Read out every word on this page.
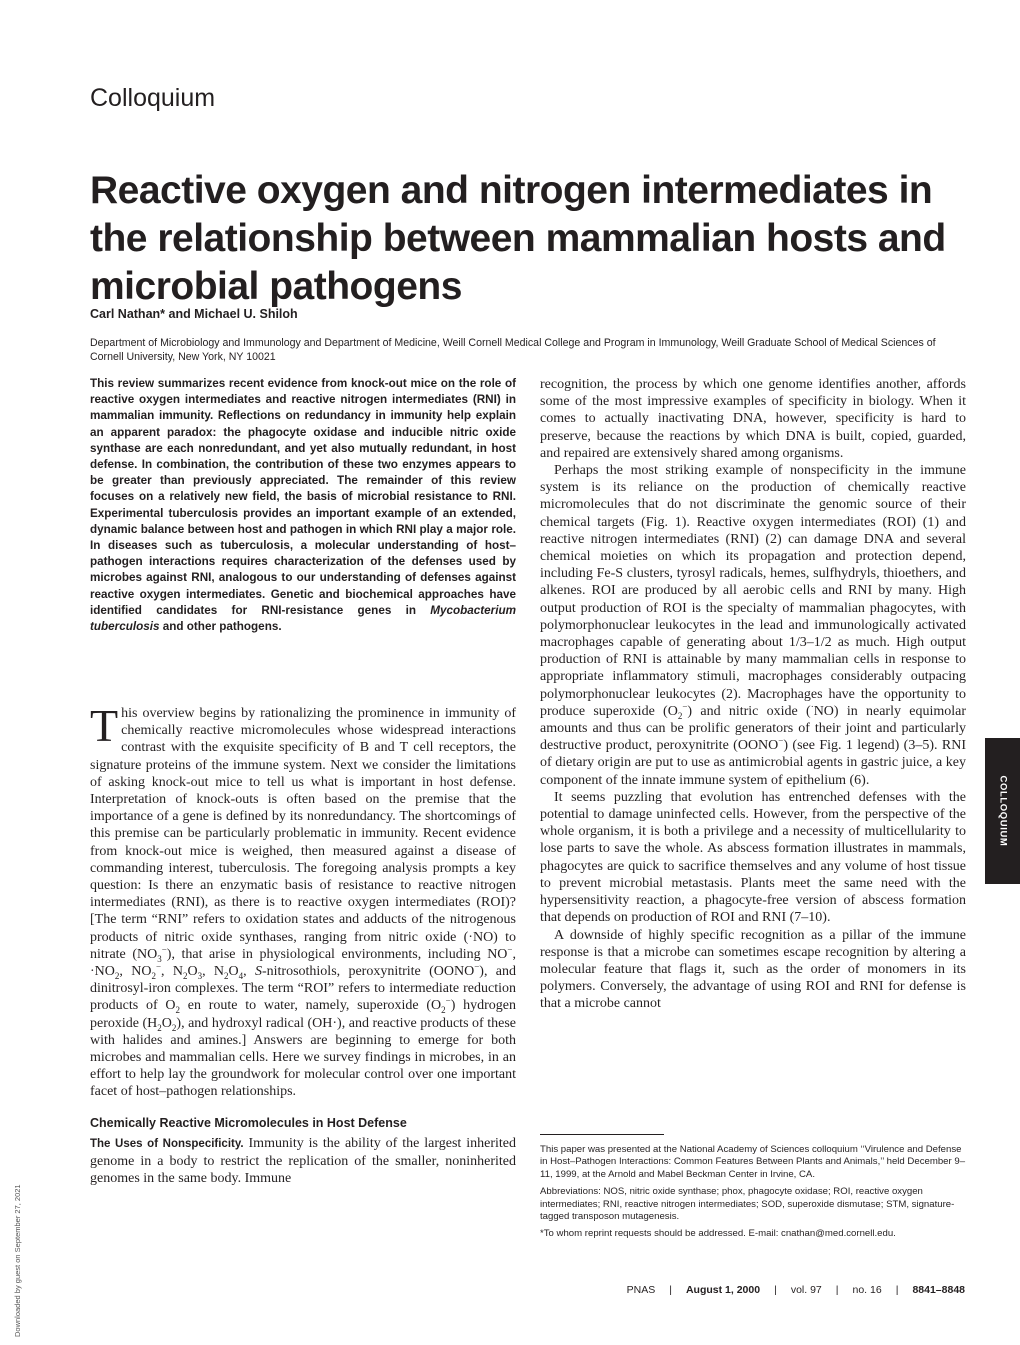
Colloquium
Reactive oxygen and nitrogen intermediates in the relationship between mammalian hosts and microbial pathogens
Carl Nathan* and Michael U. Shiloh
Department of Microbiology and Immunology and Department of Medicine, Weill Cornell Medical College and Program in Immunology, Weill Graduate School of Medical Sciences of Cornell University, New York, NY 10021

This review summarizes recent evidence from knock-out mice on the role of reactive oxygen intermediates and reactive nitrogen intermediates (RNI) in mammalian immunity. Reflections on redundancy in immunity help explain an apparent paradox: the phagocyte oxidase and inducible nitric oxide synthase are each nonredundant, and yet also mutually redundant, in host defense. In combination, the contribution of these two enzymes appears to be greater than previously appreciated. The remainder of this review focuses on a relatively new field, the basis of microbial resistance to RNI. Experimental tuberculosis provides an important example of an extended, dynamic balance between host and pathogen in which RNI play a major role. In diseases such as tuberculosis, a molecular understanding of host–pathogen interactions requires characterization of the defenses used by microbes against RNI, analogous to our understanding of defenses against reactive oxygen intermediates. Genetic and biochemical approaches have identified candidates for RNI-resistance genes in Mycobacterium tuberculosis and other pathogens.

This overview begins by rationalizing the prominence in immunity of chemically reactive micromolecules whose widespread interactions contrast with the exquisite specificity of B and T cell receptors, the signature proteins of the immune system. Next we consider the limitations of asking knock-out mice to tell us what is important in host defense. Interpretation of knock-outs is often based on the premise that the importance of a gene is defined by its nonredundancy. The shortcomings of this premise can be particularly problematic in immunity. Recent evidence from knock-out mice is weighed, then measured against a disease of commanding interest, tuberculosis. The foregoing analysis prompts a key question: Is there an enzymatic basis of resistance to reactive nitrogen intermediates (RNI), as there is to reactive oxygen intermediates (ROI)? [The term “RNI” refers to oxidation states and adducts of the nitrogenous products of nitric oxide synthases, ranging from nitric oxide (·NO) to nitrate $(NO_3^-)$, that arise in physiological environments, including NO−, $\cdot NO_2$, $NO_2^-$, $N_2O_3$, $N_2O_4$, S-nitrosothiols, peroxynitrite (OONO−), and dinitrosyl-iron complexes. The term “ROI” refers to intermediate reduction products of $O_2$ en route to water, namely, superoxide $(O_2^-)$ hydrogen peroxide $(H_2O_2)$, and hydroxyl radical (OH·), and reactive products of these with halides and amines.] Answers are beginning to emerge for both microbes and mammalian cells. Here we survey findings in microbes, in an effort to help lay the groundwork for molecular control over one important facet of host–pathogen relationships.

Chemically Reactive Micromolecules in Host Defense

The Uses of Nonspecificity. Immunity is the ability of the largest inherited genome in a body to restrict the replication of the smaller, noninherited genomes in the same body. Immune

recognition, the process by which one genome identifies another, affords some of the most impressive examples of specificity in biology. When it comes to actually inactivating DNA, however, specificity is hard to preserve, because the reactions by which DNA is built, copied, guarded, and repaired are extensively shared among organisms.

Perhaps the most striking example of nonspecificity in the immune system is its reliance on the production of chemically reactive micromolecules that do not discriminate the genomic source of their chemical targets (Fig. 1). Reactive oxygen intermediates (ROI) (1) and reactive nitrogen intermediates (RNI) (2) can damage DNA and several chemical moieties on which its propagation and protection depend, including Fe-S clusters, tyrosyl radicals, hemes, sulfhydryls, thioethers, and alkenes. ROI are produced by all aerobic cells and RNI by many. High output production of ROI is the specialty of mammalian phagocytes, with polymorphonuclear leukocytes in the lead and immunologically activated macrophages capable of generating about 1/3–1/2 as much. High output production of RNI is attainable by many mammalian cells in response to appropriate inflammatory stimuli, macrophages considerably outpacing polymorphonuclear leukocytes (2). Macrophages have the opportunity to produce superoxide $(O_2^-)$ and nitric oxide (·NO) in nearly equimolar amounts and thus can be prolific generators of their joint and particularly destructive product, peroxynitrite (OONO−) (see Fig. 1 legend) (3–5). RNI of dietary origin are put to use as antimicrobial agents in gastric juice, a key component of the innate immune system of epithelium (6).

It seems puzzling that evolution has entrenched defenses with the potential to damage uninfected cells. However, from the perspective of the whole organism, it is both a privilege and a necessity of multicellularity to lose parts to save the whole. As abscess formation illustrates in mammals, phagocytes are quick to sacrifice themselves and any volume of host tissue to prevent microbial metastasis. Plants meet the same need with the hypersensitivity reaction, a phagocyte-free version of abscess formation that depends on production of ROI and RNI (7–10).

A downside of highly specific recognition as a pillar of the immune response is that a microbe can sometimes escape recognition by altering a molecular feature that flags it, such as the order of monomers in its polymers. Conversely, the advantage of using ROI and RNI for defense is that a microbe cannot

This paper was presented at the National Academy of Sciences colloquium ‘‘Virulence and Defense in Host–Pathogen Interactions: Common Features Between Plants and Animals,’’ held December 9–11, 1999, at the Arnold and Mabel Beckman Center in Irvine, CA.

Abbreviations: NOS, nitric oxide synthase; phox, phagocyte oxidase; ROI, reactive oxygen intermediates; RNI, reactive nitrogen intermediates; SOD, superoxide dismutase; STM, signature-tagged transposon mutagenesis.

*To whom reprint requests should be addressed. E-mail: cnathan@med.cornell.edu.

COLLOQUIUM
Downloaded by guest on September 27, 2021	PNAS | August 1, 2000 | vol. 97 | no. 16 | 8841–8848
